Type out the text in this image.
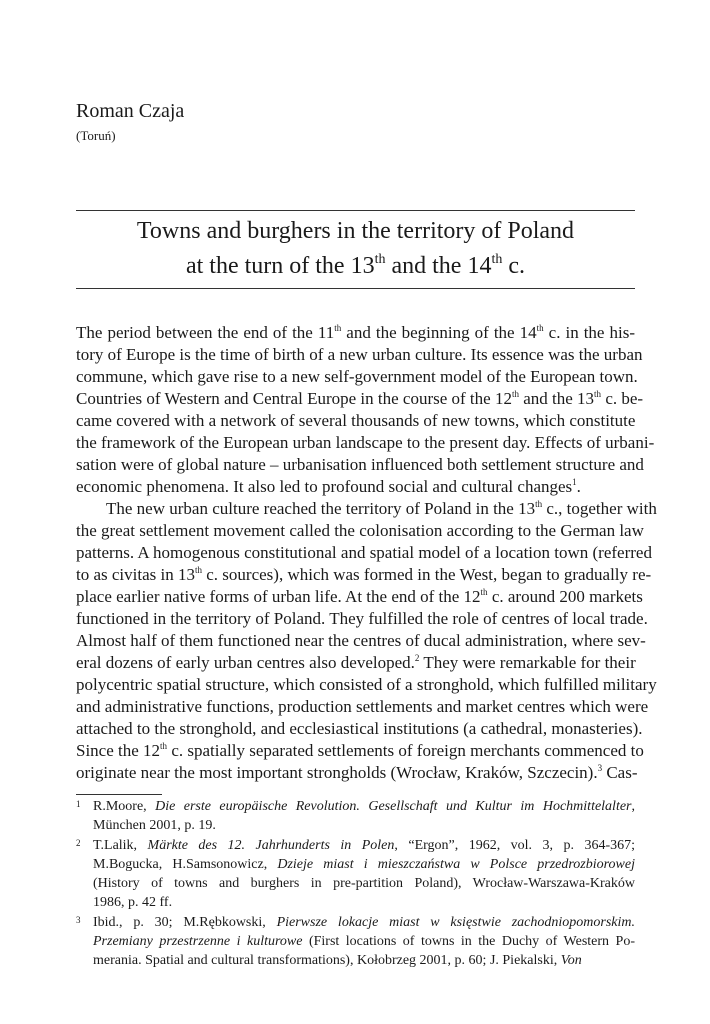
Roman Czaja
(Toruń)
Towns and burghers in the territory of Poland
at the turn of the 13th and the 14th c.
The period between the end of the 11th and the beginning of the 14th c. in the his-
tory of Europe is the time of birth of a new urban culture. Its essence was the urban
commune, which gave rise to a new self-government model of the European town.
Countries of Western and Central Europe in the course of the 12th and the 13th c. be-
came covered with a network of several thousands of new towns, which constitute
the framework of the European urban landscape to the present day. Effects of urbani-
sation were of global nature – urbanisation influenced both settlement structure and
economic phenomena. It also led to profound social and cultural changes$^1$.
The new urban culture reached the territory of Poland in the 13th c., together with
the great settlement movement called the colonisation according to the German law
patterns. A homogenous constitutional and spatial model of a location town (referred
to as civitas in 13th c. sources), which was formed in the West, began to gradually re-
place earlier native forms of urban life. At the end of the 12th c. around 200 markets
functioned in the territory of Poland. They fulfilled the role of centres of local trade.
Almost half of them functioned near the centres of ducal administration, where sev-
eral dozens of early urban centres also developed.$^2$ They were remarkable for their
polycentric spatial structure, which consisted of a stronghold, which fulfilled military
and administrative functions, production settlements and market centres which were
attached to the stronghold, and ecclesiastical institutions (a cathedral, monasteries).
Since the 12th c. spatially separated settlements of foreign merchants commenced to
originate near the most important strongholds (Wrocław, Kraków, Szczecin).$^3$ Cas-
1 R.Moore, Die erste europäische Revolution. Gesellschaft und Kultur im Hochmittelalter,
München 2001, p. 19.
2 T.Lalik, Märkte des 12. Jahrhunderts in Polen, “Ergon”, 1962, vol. 3, p. 364-367;
M.Bogucka, H.Samsonowicz, Dzieje miast i mieszczaństwa w Polsce przedrozbiorowej
(History of towns and burghers in pre-partition Poland), Wrocław-Warszawa-Kraków
1986, p. 42 ff.
3 Ibid., p. 30; M.Rębkowski, Pierwsze lokacje miast w księstwie zachodniopomorskim.
Przemiany przestrzenne i kulturowe (First locations of towns in the Duchy of Western Po-
merania. Spatial and cultural transformations), Kołobrzeg 2001, p. 60; J. Piekalski, Von
